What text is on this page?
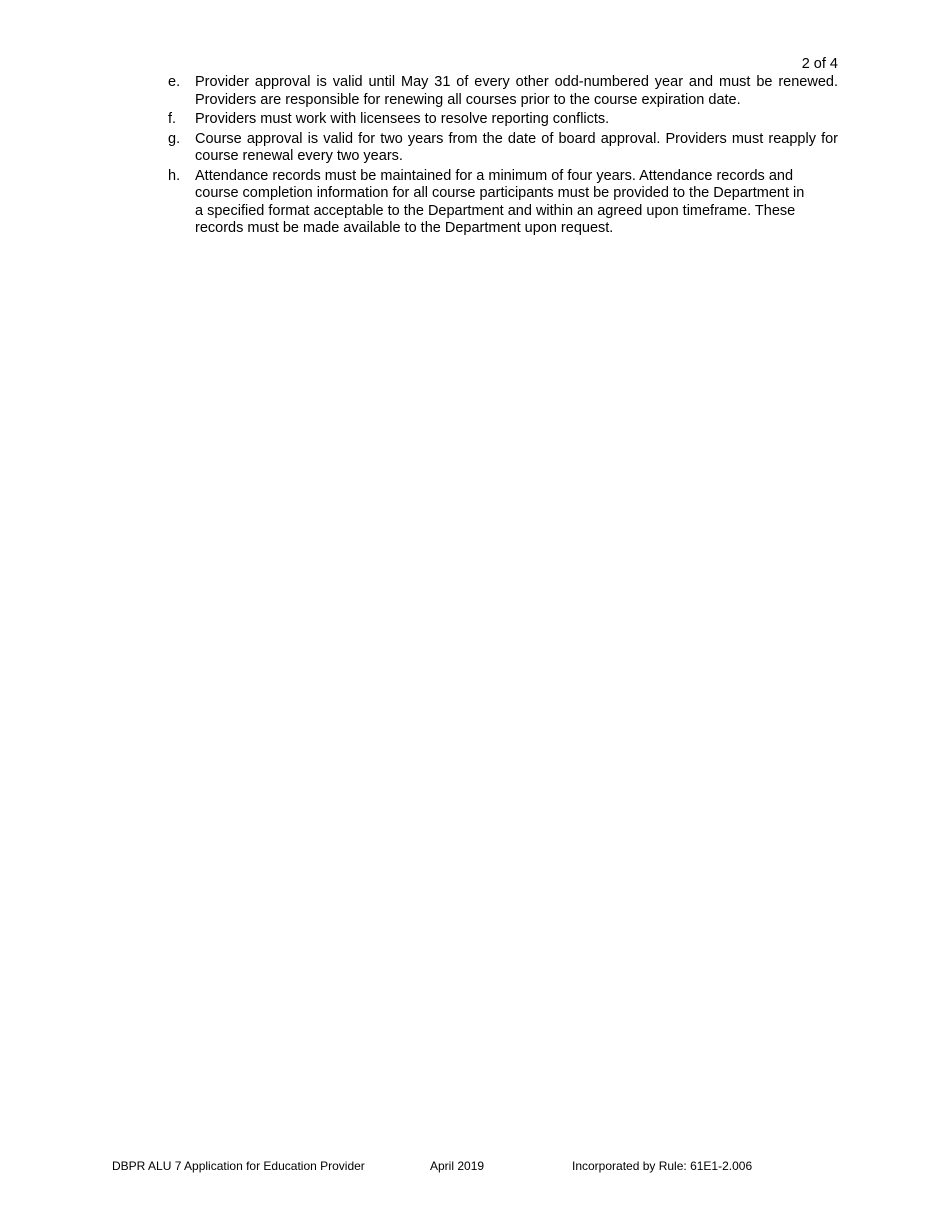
2 of 4
e.	Provider approval is valid until May 31 of every other odd-numbered year and must be renewed. Providers are responsible for renewing all courses prior to the course expiration date.
f.	Providers must work with licensees to resolve reporting conflicts.
g.	Course approval is valid for two years from the date of board approval. Providers must reapply for course renewal every two years.
h.	Attendance records must be maintained for a minimum of four years. Attendance records and course completion information for all course participants must be provided to the Department in a specified format acceptable to the Department and within an agreed upon timeframe. These records must be made available to the Department upon request.
DBPR ALU 7 Application for Education Provider	April 2019	Incorporated by Rule: 61E1-2.006
